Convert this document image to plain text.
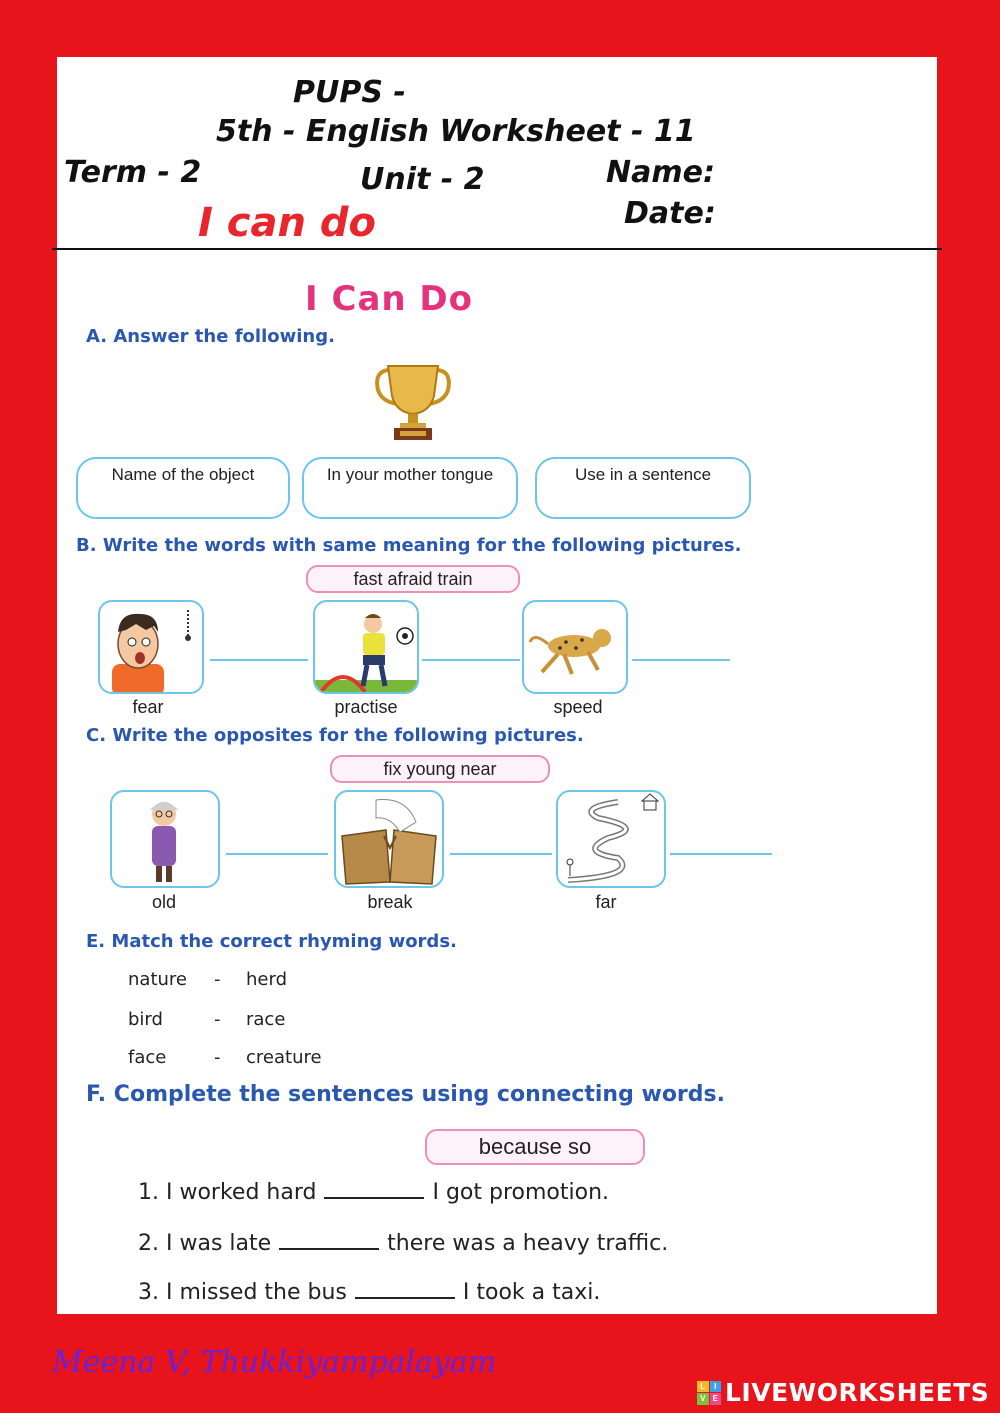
PUPS -
5th - English Worksheet - 11
Term - 2	Unit - 2	Name:
Date:
I can do
I Can Do
A. Answer the following.
Name of the object	In your mother tongue	Use in a sentence
B. Write the words with same meaning for the following pictures.
fast afraid train
fear	practise	speed
C. Write the opposites for the following pictures.
fix young near
old	break	far
E. Match the correct rhyming words.
nature - herd
bird	- race
face	- creature
F. Complete the sentences using connecting words.
because so
1. I worked hard	I got promotion.
2. I was late	there was a heavy traffic.
3. I missed the bus	I took a taxi.
Meena V, Thukkiyampalayam
L	I
V E LIVEWORKSHEETS
